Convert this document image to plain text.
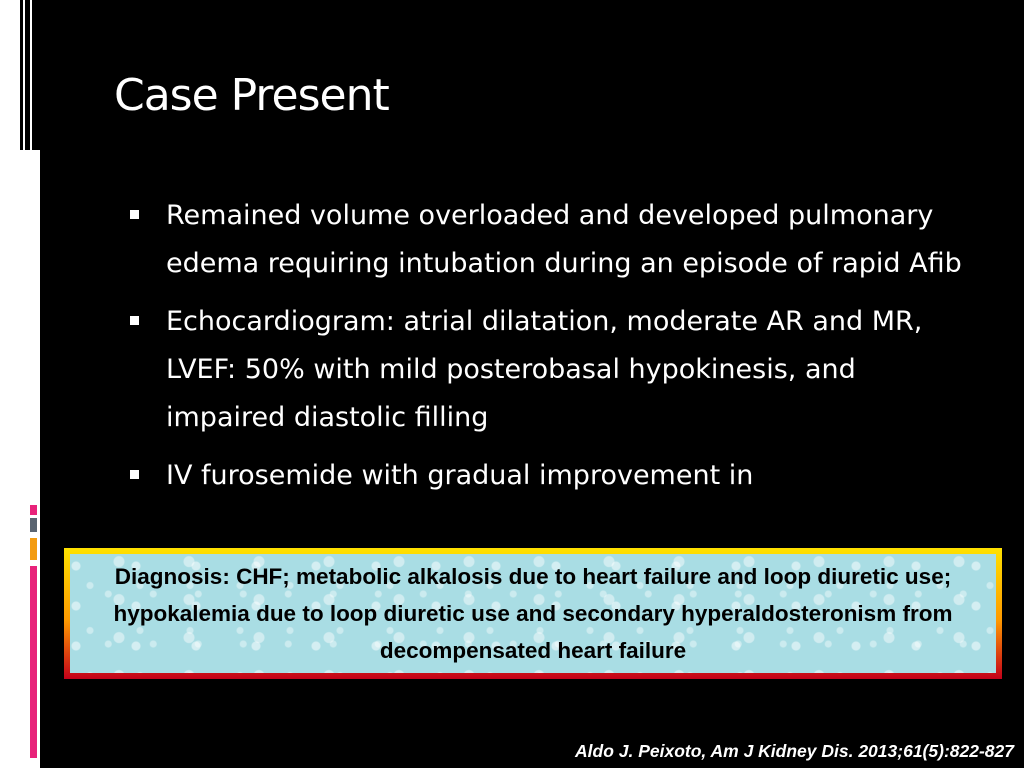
Case Present
Remained volume overloaded and developed pulmonary edema requiring intubation during an episode of rapid Afib
Echocardiogram: atrial dilatation, moderate AR and MR, LVEF: 50% with mild posterobasal hypokinesis, and impaired diastolic filling
IV furosemide with gradual improvement in
Diagnosis: CHF; metabolic alkalosis due to heart failure and loop diuretic use; hypokalemia due to loop diuretic use and secondary hyperaldosteronism from decompensated heart failure

Aldo J. Peixoto, Am J Kidney Dis. 2013;61(5):822-827
